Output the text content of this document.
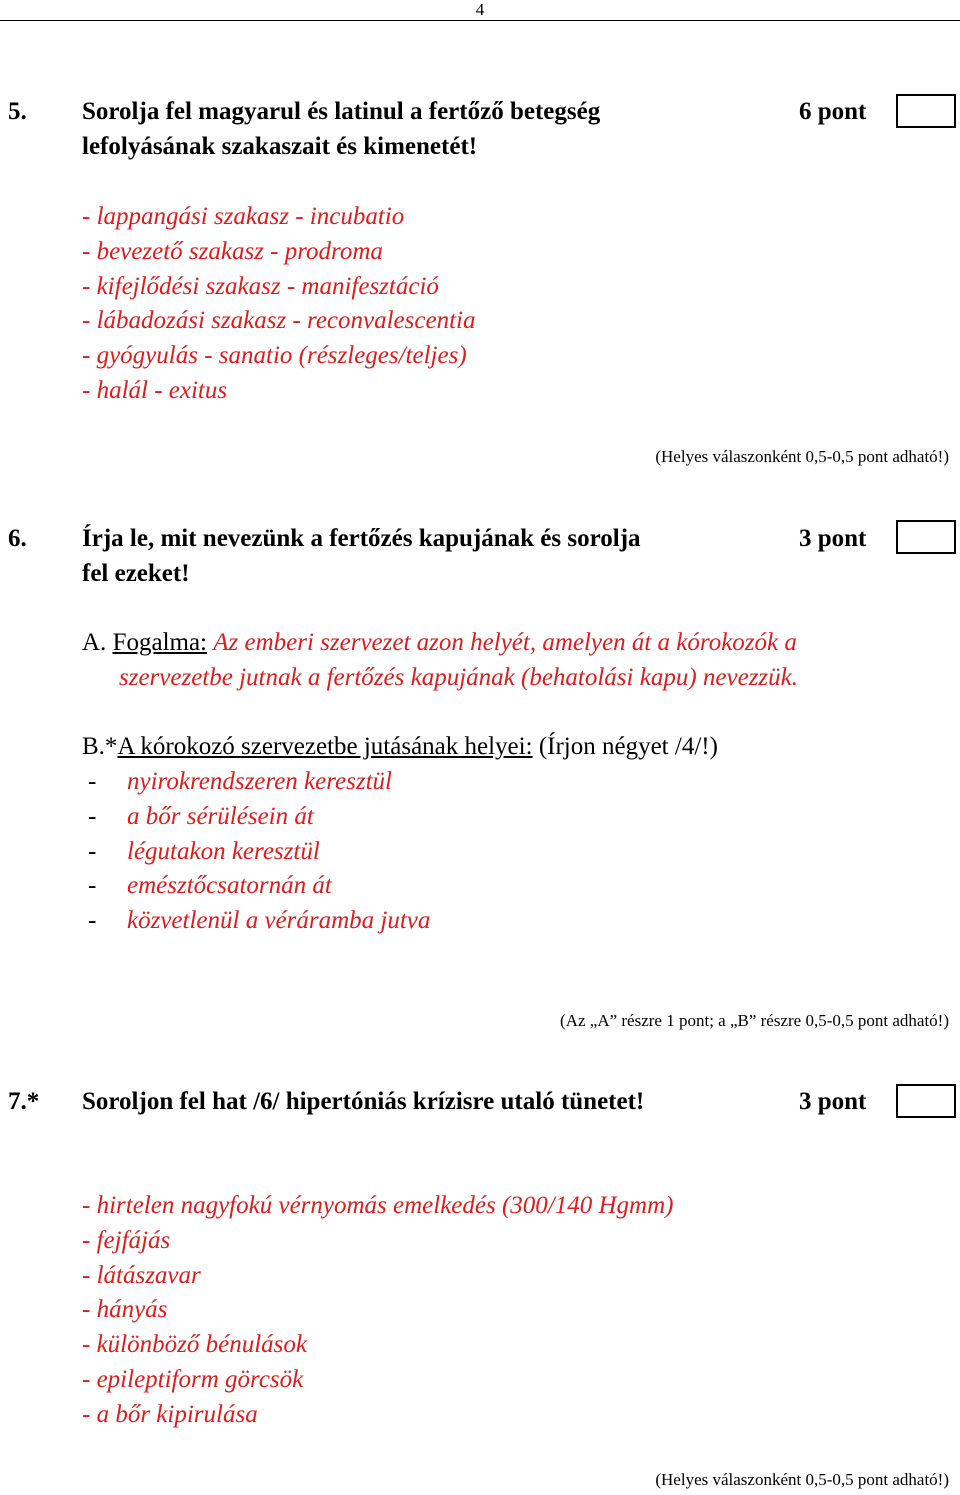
4
5. Sorolja fel magyarul és latinul a fertőző betegség
lefolyásának szakaszait és kimenetét!
6 pont
- lappangási szakasz - incubatio
- bevezető szakasz - prodroma
- kifejlődési szakasz - manifesztáció
- lábadozási szakasz - reconvalescentia
- gyógyulás - sanatio (részleges/teljes)
- halál - exitus
(Helyes válaszonként 0,5-0,5 pont adható!)
6. Írja le, mit nevezünk a fertőzés kapujának és sorolja
fel ezeket!
3 pont
A. Fogalma: Az emberi szervezet azon helyét, amelyen át a kórokozók a
szervezetbe jutnak a fertőzés kapujának (behatolási kapu) nevezzük.
B.*A kórokozó szervezetbe jutásának helyei: (Írjon négyet /4/!)
- nyirokrendszeren keresztül
- a bőr sérülésein át
- légutakon keresztül
- emésztőcsatornán át
- közvetlenül a véráramba jutva
(Az „A” részre 1 pont; a „B” részre 0,5-0,5 pont adható!)
7.* Soroljon fel hat /6/ hipertóniás krízisre utaló tünetet!	3 pont
- hirtelen nagyfokú vérnyomás emelkedés (300/140 Hgmm)
- fejfájás
- látászavar
- hányás
- különböző bénulások
- epileptiform görcsök
- a bőr kipirulása
(Helyes válaszonként 0,5-0,5 pont adható!)
